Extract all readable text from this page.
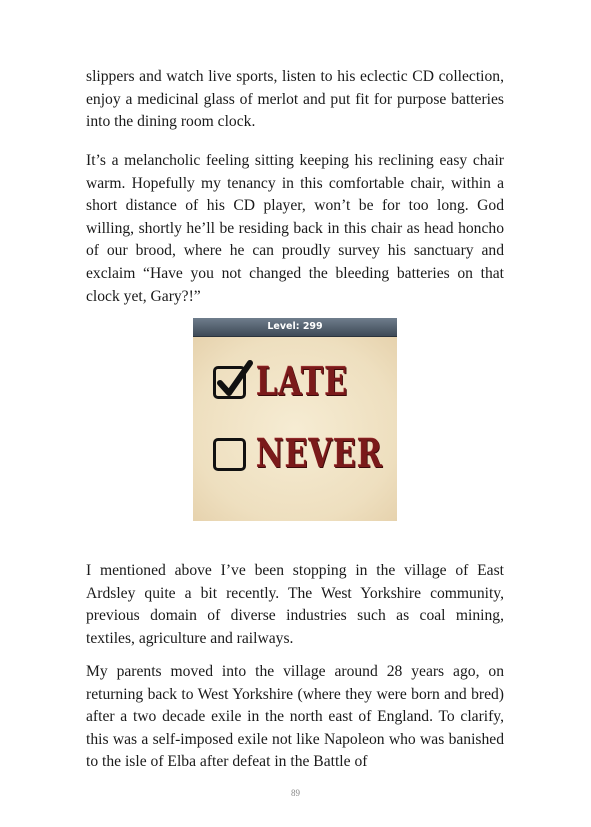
slippers and watch live sports, listen to his eclectic CD collection, enjoy a medicinal glass of merlot and put fit for purpose batteries into the dining room clock.

It’s a melancholic feeling sitting keeping his reclining easy chair warm. Hopefully my tenancy in this comfortable chair, within a short distance of his CD player, won’t be for too long. God willing, shortly he’ll be residing back in this chair as head honcho of our brood, where he can proudly survey his sanctuary and exclaim “Have you not changed the bleeding batteries on that clock yet, Gary?!”

Level: 299
LATE
NEVER

I mentioned above I’ve been stopping in the village of East Ardsley quite a bit recently. The West Yorkshire community, previous domain of diverse industries such as coal mining, textiles, agriculture and railways.

My parents moved into the village around 28 years ago, on returning back to West Yorkshire (where they were born and bred) after a two decade exile in the north east of England. To clarify, this was a self-imposed exile not like Napoleon who was banished to the isle of Elba after defeat in the Battle of

89
